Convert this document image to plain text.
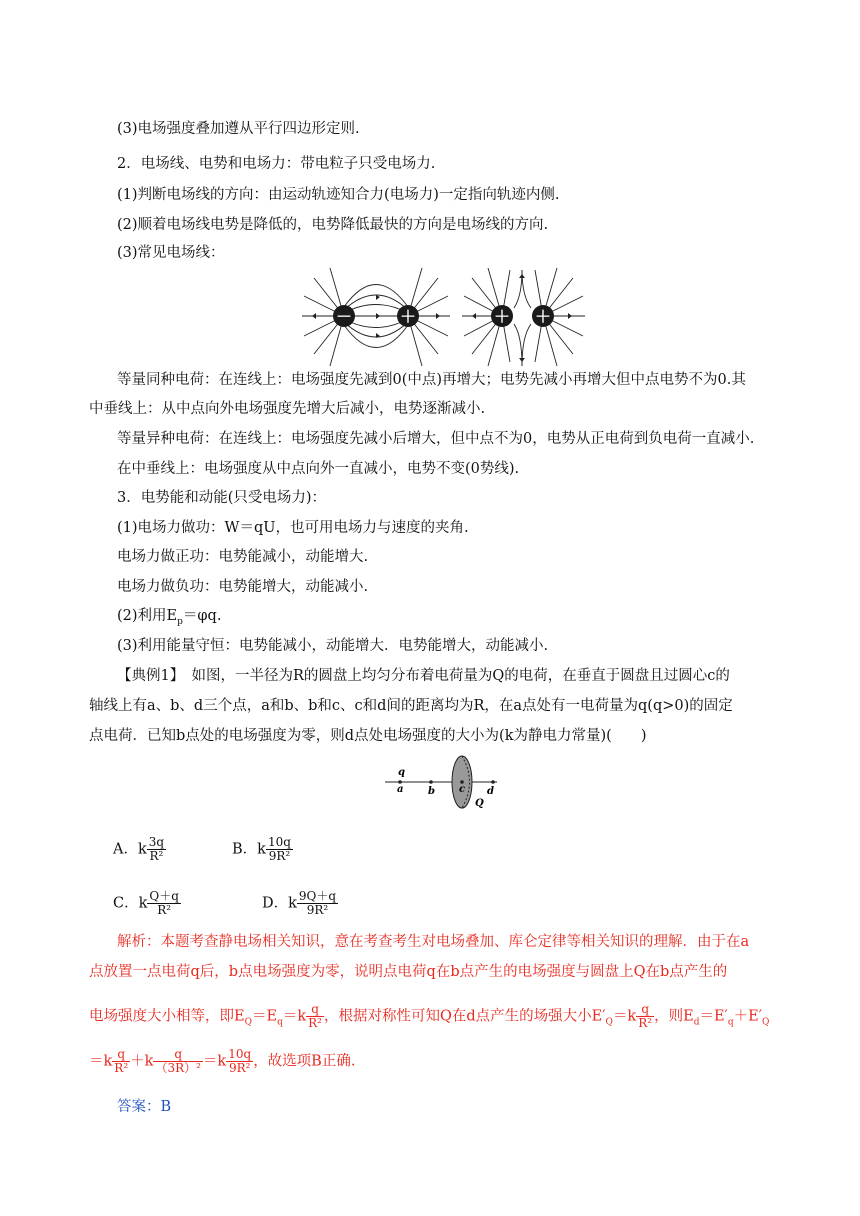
(3)电场强度叠加遵从平行四边形定则.
2．电场线、电势和电场力：带电粒子只受电场力.
(1)判断电场线的方向：由运动轨迹知合力(电场力)一定指向轨迹内侧.
(2)顺着电场线电势是降低的，电势降低最快的方向是电场线的方向.
(3)常见电场线：
－	＋	＋ ＋
等量同种电荷：在连线上：电场强度先减到0(中点)再增大；电势先减小再增大但中点电势不为0.其
中垂线上：从中点向外电场强度先增大后减小，电势逐渐减小.
等量异种电荷：在连线上：电场强度先减小后增大，但中点不为0，电势从正电荷到负电荷一直减小.
在中垂线上：电场强度从中点向外一直减小，电势不变(0势线).
3．电势能和动能(只受电场力)：
(1)电场力做功：W＝qU，也可用电场力与速度的夹角.
电场力做正功：电势能减小，动能增大.
电场力做负功：电势能增大，动能减小.
(2)利用$E_p=\varphi q$.
(3)利用能量守恒：电势能减小，动能增大．电势能增大，动能减小.
【典例1】　如图，一半径为R的圆盘上均匀分布着电荷量为Q的电荷，在垂直于圆盘且过圆心c的
轴线上有a、b、d三个点，a和b、b和c、c和d间的距离均为R，在a点处有一电荷量为q(q>0)的固定
点电荷．已知b点处的电场强度为零，则d点处电场强度的大小为(k为静电力常量)(　　)
q
a b c d
Q
A．k $\frac{3q}{\text{R²}}$	B．k $\frac{10q}{\text{9R²}}$
C．k $\frac{Q+q}{\text{R²}}$	D．k $\frac{9Q+q}{\text{9R²}}$
解析：本题考查静电场相关知识，意在考查考生对电场叠加、库仑定律等相关知识的理解．由于在a
点放置一点电荷q后，b点电场强度为零，说明点电荷q在b点产生的电场强度与圆盘上Q在b点产生的
电场强度大小相等，即$E_Q=E_q=k \frac{q}{\text{R²}}$ ，根据对称性可知Q在d点产生的场强大小$E'_Q=k \frac{q}{\text{R²}}$ ，则$E_d=E'_q+E'_Q$
$=k \frac{q}{\text{R²}} +k \frac{q}{\text{（3R）²}} =k \frac{10q}{\text{9R²}}$ ，故选项B正确.
答案：B
